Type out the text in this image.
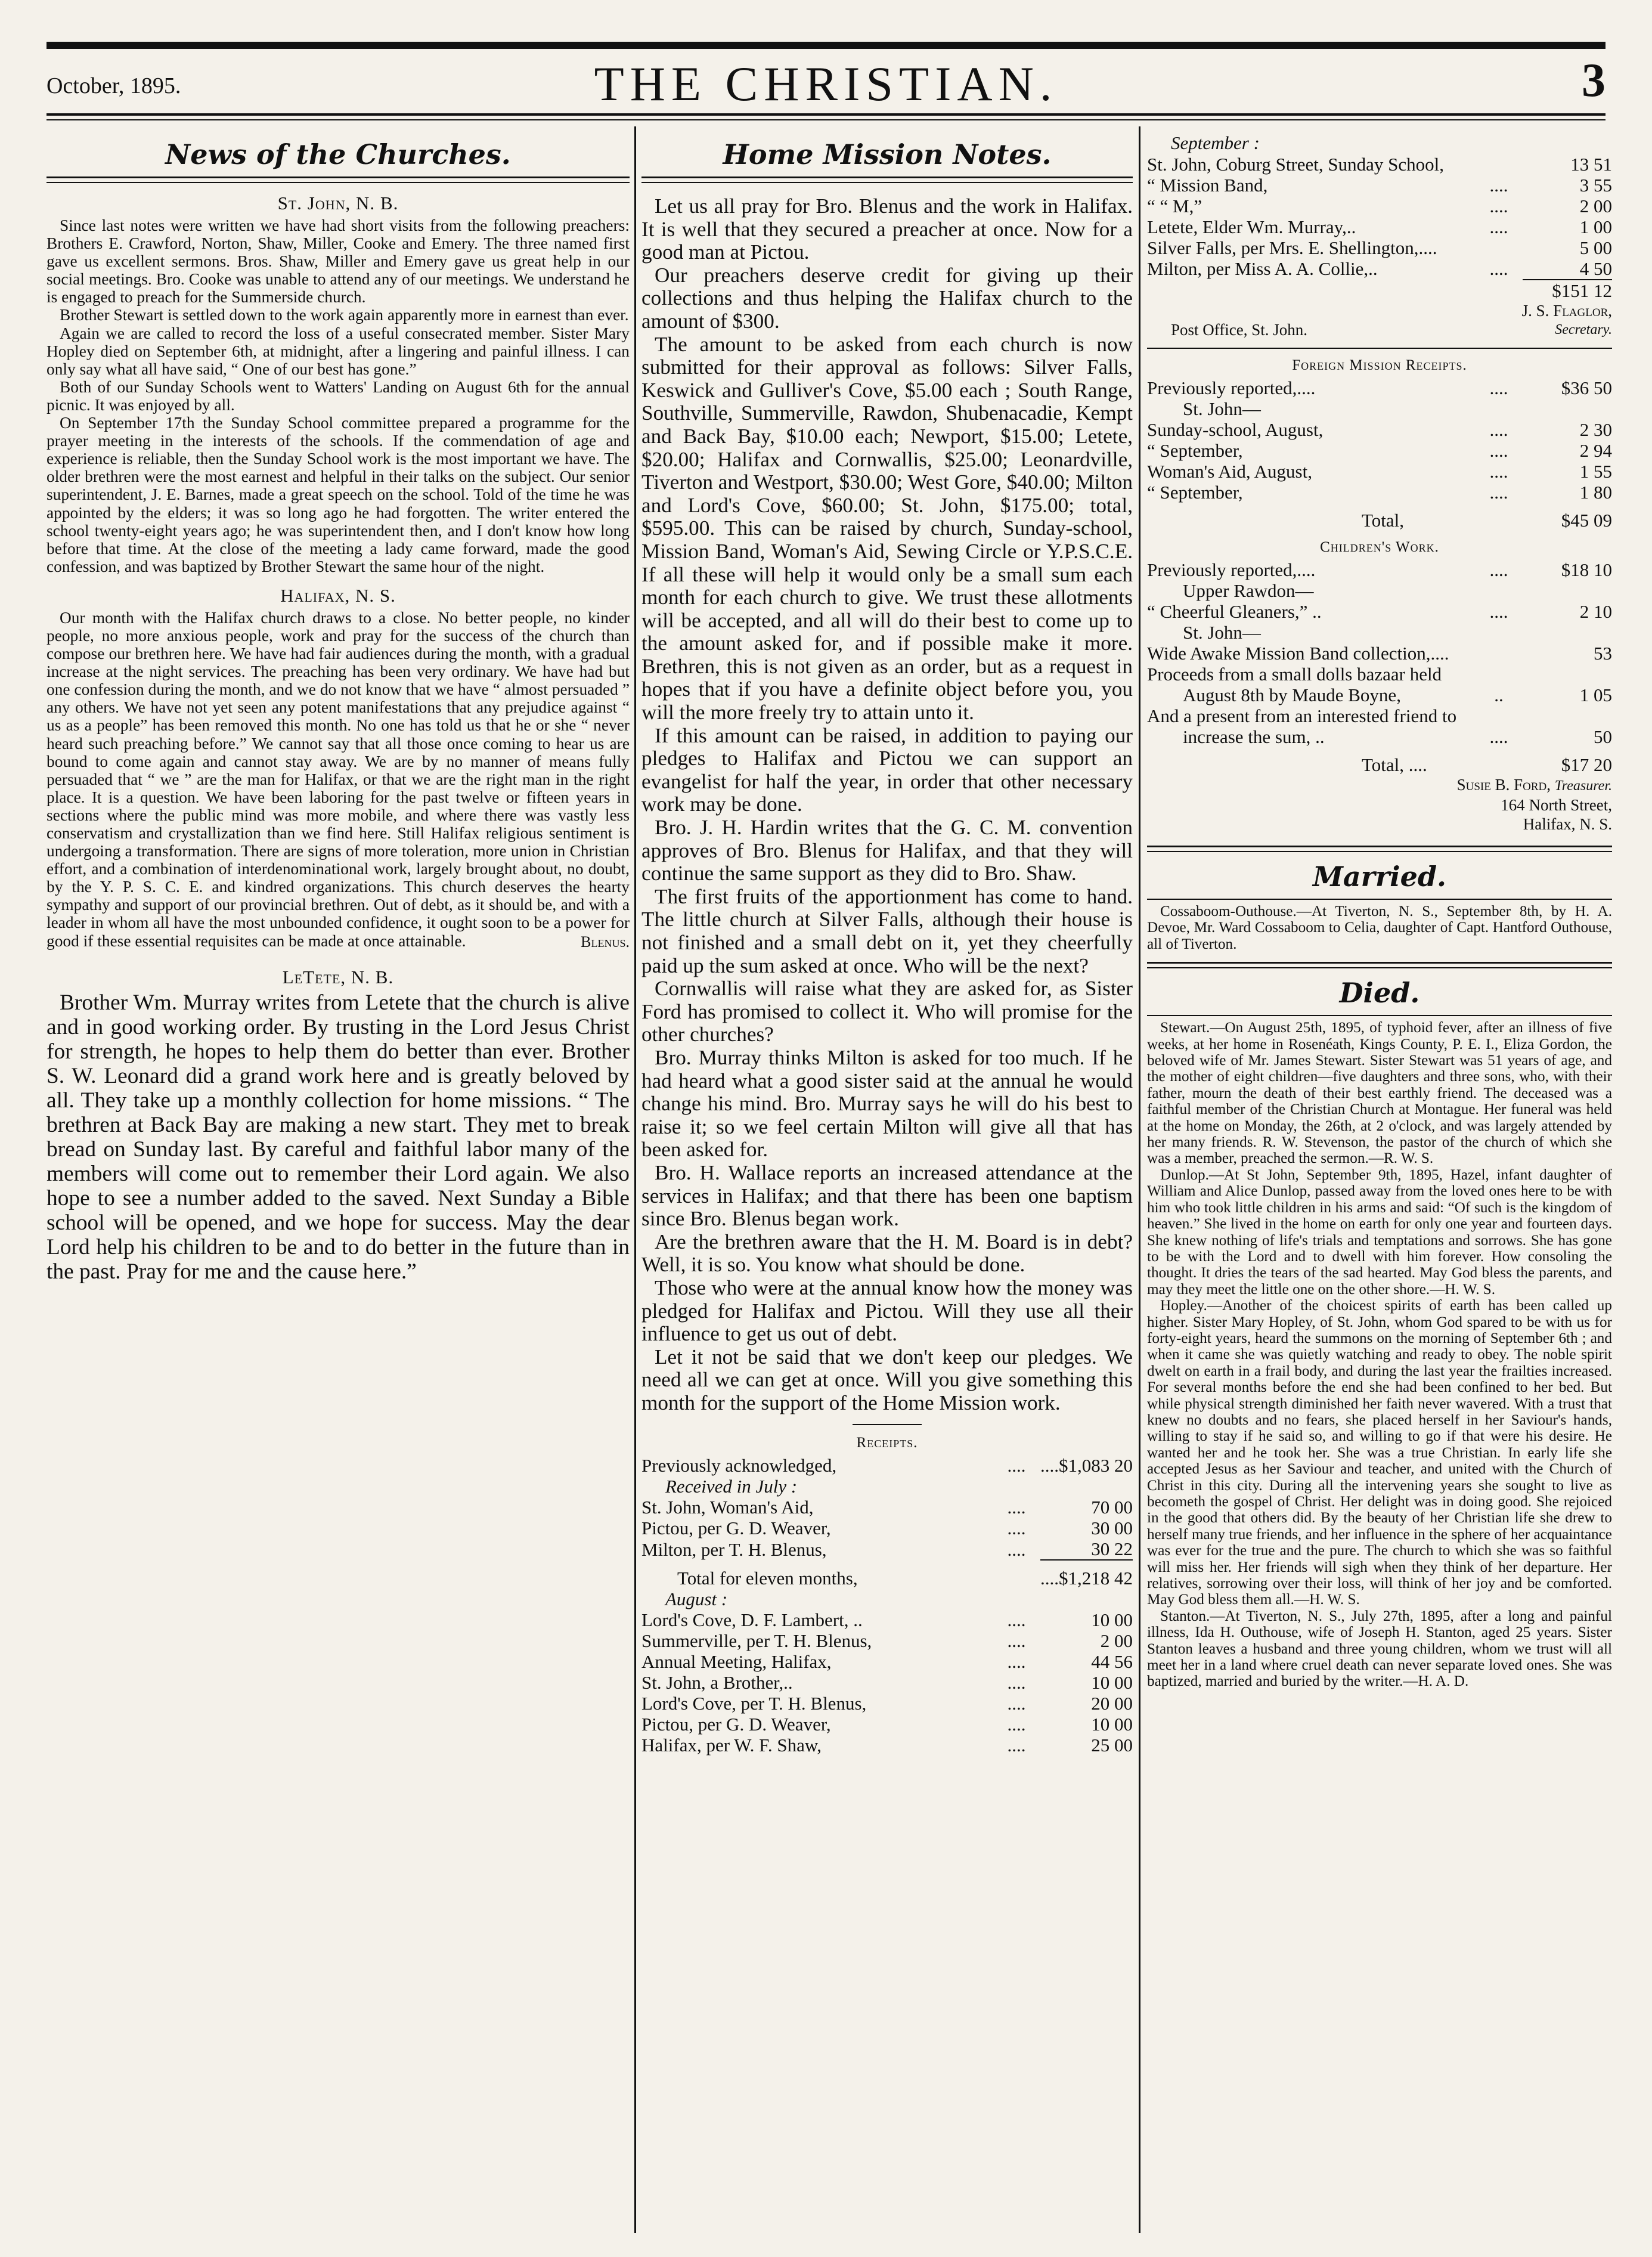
October, 1895.	THE CHRISTIAN.	3
News of the Churches.
St. John, N. B.

Since last notes were written we have had short visits from the following preachers: Brothers E. Crawford, Norton, Shaw, Miller, Cooke and Emery. The three named first gave us excellent sermons. Bros. Shaw, Miller and Emery gave us great help in our social meetings. Bro. Cooke was unable to attend any of our meetings. We understand he is engaged to preach for the Summerside church.

Brother Stewart is settled down to the work again apparently more in earnest than ever.

Again we are called to record the loss of a useful consecrated member. Sister Mary Hopley died on September 6th, at midnight, after a lingering and painful illness. I can only say what all have said, “ One of our best has gone.”

Both of our Sunday Schools went to Watters' Landing on August 6th for the annual picnic. It was enjoyed by all.

On September 17th the Sunday School committee prepared a programme for the prayer meeting in the interests of the schools. If the commendation of age and experience is reliable, then the Sunday School work is the most important we have. The older brethren were the most earnest and helpful in their talks on the subject. Our senior superintendent, J. E. Barnes, made a great speech on the school. Told of the time he was appointed by the elders; it was so long ago he had forgotten. The writer entered the school twenty-eight years ago; he was superintendent then, and I don't know how long before that time. At the close of the meeting a lady came forward, made the good confession, and was baptized by Brother Stewart the same hour of the night.

Halifax, N. S.

Our month with the Halifax church draws to a close. No better people, no kinder people, no more anxious people, work and pray for the success of the church than compose our brethren here. We have had fair audiences during the month, with a gradual increase at the night services. The preaching has been very ordinary. We have had but one confession during the month, and we do not know that we have “ almost persuaded ” any others. We have not yet seen any potent manifestations that any prejudice against “ us as a people” has been removed this month. No one has told us that he or she “ never heard such preaching before.” We cannot say that all those once coming to hear us are bound to come again and cannot stay away. We are by no manner of means fully persuaded that “ we ” are the man for Halifax, or that we are the right man in the right place. It is a question. We have been laboring for the past twelve or fifteen years in sections where the public mind was more mobile, and where there was vastly less conservatism and crystallization than we find here. Still Halifax religious sentiment is undergoing a transformation. There are signs of more toleration, more union in Christian effort, and a combination of interdenominational work, largely brought about, no doubt, by the Y. P. S. C. E. and kindred organizations. This church deserves the hearty sympathy and support of our provincial brethren. Out of debt, as it should be, and with a leader in whom all have the most unbounded confidence, it ought soon to be a power for good if these essential requisites can be made at once attainable.	Blenus.
LeTete, N. B.

Brother Wm. Murray writes from Letete that the church is alive and in good working order. By trusting in the Lord Jesus Christ for strength, he hopes to help them do better than ever. Brother S. W. Leonard did a grand work here and is greatly beloved by all. They take up a monthly collection for home missions. “ The brethren at Back Bay are making a new start. They met to break bread on Sunday last. By careful and faithful labor many of the members will come out to remember their Lord again. We also hope to see a number added to the saved. Next Sunday a Bible school will be opened, and we hope for success. May the dear Lord help his children to be and to do better in the future than in the past. Pray for me and the cause here.”

Home Mission Notes.

Let us all pray for Bro. Blenus and the work in Halifax. It is well that they secured a preacher at once. Now for a good man at Pictou.

Our preachers deserve credit for giving up their collections and thus helping the Halifax church to the amount of $300.

The amount to be asked from each church is now submitted for their approval as follows: Silver Falls, Keswick and Gulliver's Cove, $5.00 each ; South Range, Southville, Summerville, Rawdon, Shubenacadie, Kempt and Back Bay, $10.00 each; Newport, $15.00; Letete, $20.00; Halifax and Cornwallis, $25.00; Leonardville, Tiverton and Westport, $30.00; West Gore, $40.00; Milton and Lord's Cove, $60.00; St. John, $175.00; total, $595.00. This can be raised by church, Sunday-school, Mission Band, Woman's Aid, Sewing Circle or Y.P.S.C.E. If all these will help it would only be a small sum each month for each church to give. We trust these allotments will be accepted, and all will do their best to come up to the amount asked for, and if possible make it more. Brethren, this is not given as an order, but as a request in hopes that if you have a definite object before you, you will the more freely try to attain unto it.

If this amount can be raised, in addition to paying our pledges to Halifax and Pictou we can support an evangelist for half the year, in order that other necessary work may be done.

Bro. J. H. Hardin writes that the G. C. M. convention approves of Bro. Blenus for Halifax, and that they will continue the same support as they did to Bro. Shaw.

The first fruits of the apportionment has come to hand. The little church at Silver Falls, although their house is not finished and a small debt on it, yet they cheerfully paid up the sum asked at once. Who will be the next?

Cornwallis will raise what they are asked for, as Sister Ford has promised to collect it. Who will promise for the other churches?

Bro. Murray thinks Milton is asked for too much. If he had heard what a good sister said at the annual he would change his mind. Bro. Murray says he will do his best to raise it; so we feel certain Milton will give all that has been asked for.

Bro. H. Wallace reports an increased attendance at the services in Halifax; and that there has been one baptism since Bro. Blenus began work.

Are the brethren aware that the H. M. Board is in debt? Well, it is so. You know what should be done.

Those who were at the annual know how the money was pledged for Halifax and Pictou. Will they use all their influence to get us out of debt.

Let it not be said that we don't keep our pledges. We need all we can get at once. Will you give something this month for the support of the Home Mission work.

Receipts.
Previously acknowledged,	....	....$1,083 20
Received in July :		
St. John, Woman's Aid,	....	70 00
Pictou, per G. D. Weaver,	....	30 00
Milton, per T. H. Blenus,	....	30 22
Total for eleven months,		....$1,218 42
August :		
Lord's Cove, D. F. Lambert, ..	....	10 00
Summerville, per T. H. Blenus,	....	2 00
Annual Meeting, Halifax,	....	44 56
St. John, a Brother,..	....	10 00
Lord's Cove, per T. H. Blenus,	....	20 00
Pictou, per G. D. Weaver,	....	10 00
Halifax, per W. F. Shaw,	....	25 00
September :
St. John, Coburg Street, Sunday School,		13 51
“ Mission Band,	....	3 55
“ “ M,”	....	2 00
Letete, Elder Wm. Murray,..	....	1 00
Silver Falls, per Mrs. E. Shellington,....		5 00
Milton, per Miss A. A. Collie,..	....	4 50
	$151 12
J. S. Flaglor,
Post Office, St. John.	Secretary.
Foreign Mission Receipts.
Previously reported,....	....	$36 50
St. John—		
Sunday-school, August,	....	2 30
“ September,	....	2 94
Woman's Aid, August,	....	1 55
“ September,	....	1 80
Total,	$45 09
Children's Work.
Previously reported,....	....	$18 10
Upper Rawdon—		
“ Cheerful Gleaners,” ..	....	2 10
St. John—		
Wide Awake Mission Band collection,....		53
Proceeds from a small dolls bazaar held		
August 8th by Maude Boyne,	..	1 05
And a present from an interested friend to		
increase the sum, ..	....	50
Total, ....	$17 20
Susie B. Ford, Treasurer.
164 North Street,
Halifax, N. S.
Married.

Cossaboom-Outhouse.—At Tiverton, N. S., September 8th, by H. A. Devoe, Mr. Ward Cossaboom to Celia, daughter of Capt. Hantford Outhouse, all of Tiverton.

Died.

Stewart.—On August 25th, 1895, of typhoid fever, after an illness of five weeks, at her home in Rosenéath, Kings County, P. E. I., Eliza Gordon, the beloved wife of Mr. James Stewart. Sister Stewart was 51 years of age, and the mother of eight children—five daughters and three sons, who, with their father, mourn the death of their best earthly friend. The deceased was a faithful member of the Christian Church at Montague. Her funeral was held at the home on Monday, the 26th, at 2 o'clock, and was largely attended by her many friends. R. W. Stevenson, the pastor of the church of which she was a member, preached the sermon.—R. W. S.

Dunlop.—At St John, September 9th, 1895, Hazel, infant daughter of William and Alice Dunlop, passed away from the loved ones here to be with him who took little children in his arms and said: “Of such is the kingdom of heaven.” She lived in the home on earth for only one year and fourteen days. She knew nothing of life's trials and temptations and sorrows. She has gone to be with the Lord and to dwell with him forever. How consoling the thought. It dries the tears of the sad hearted. May God bless the parents, and may they meet the little one on the other shore.—H. W. S.

Hopley.—Another of the choicest spirits of earth has been called up higher. Sister Mary Hopley, of St. John, whom God spared to be with us for forty-eight years, heard the summons on the morning of September 6th ; and when it came she was quietly watching and ready to obey. The noble spirit dwelt on earth in a frail body, and during the last year the frailties increased. For several months before the end she had been confined to her bed. But while physical strength diminished her faith never wavered. With a trust that knew no doubts and no fears, she placed herself in her Saviour's hands, willing to stay if he said so, and willing to go if that were his desire. He wanted her and he took her. She was a true Christian. In early life she accepted Jesus as her Saviour and teacher, and united with the Church of Christ in this city. During all the intervening years she sought to live as becometh the gospel of Christ. Her delight was in doing good. She rejoiced in the good that others did. By the beauty of her Christian life she drew to herself many true friends, and her influence in the sphere of her acquaintance was ever for the true and the pure. The church to which she was so faithful will miss her. Her friends will sigh when they think of her departure. Her relatives, sorrowing over their loss, will think of her joy and be comforted. May God bless them all.—H. W. S.

Stanton.—At Tiverton, N. S., July 27th, 1895, after a long and painful illness, Ida H. Outhouse, wife of Joseph H. Stanton, aged 25 years. Sister Stanton leaves a husband and three young children, whom we trust will all meet her in a land where cruel death can never separate loved ones. She was baptized, married and buried by the writer.—H. A. D.
